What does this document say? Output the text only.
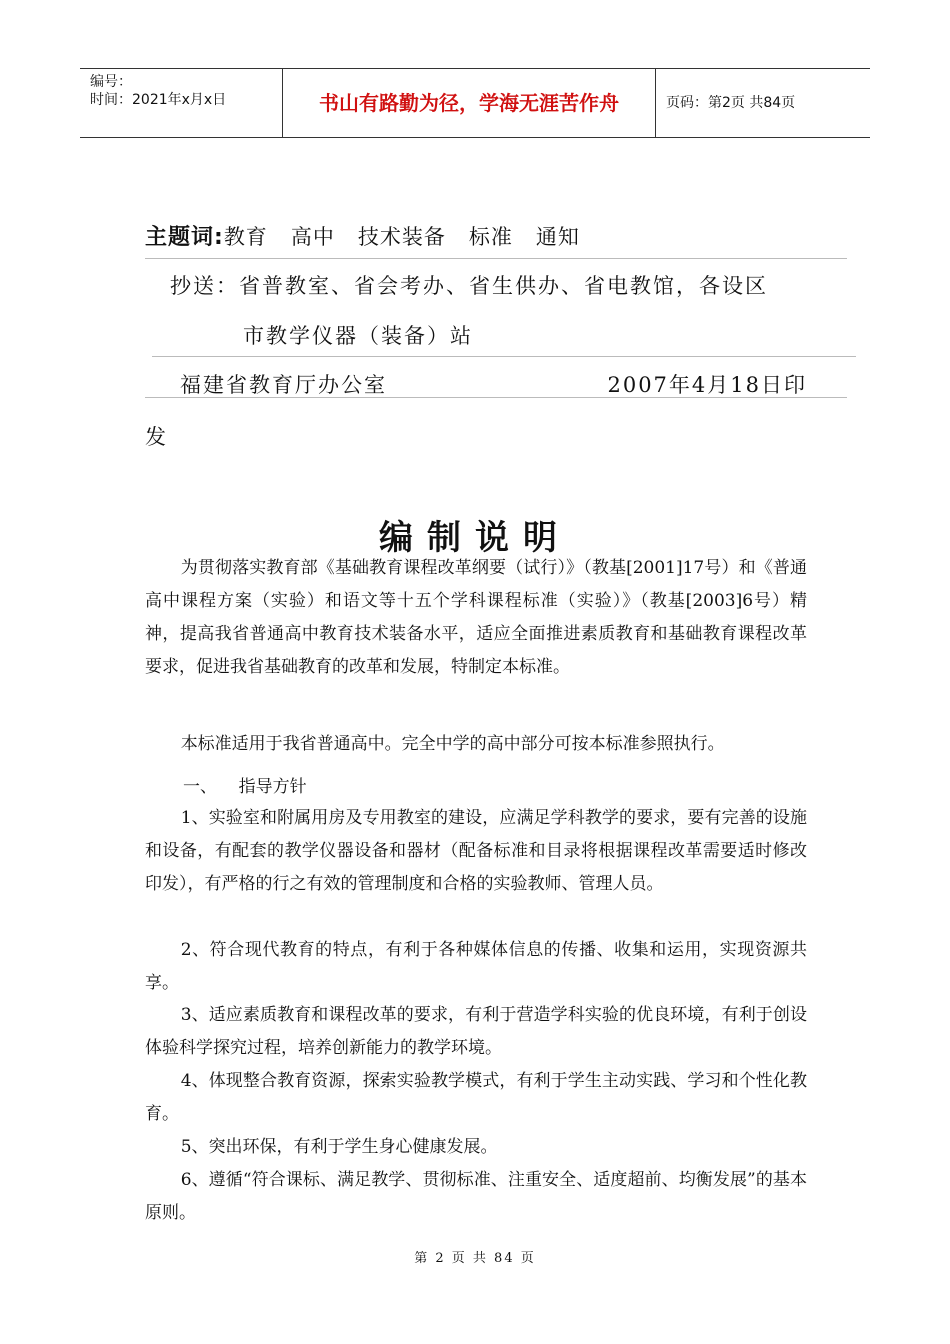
编号：
时间：2021年x月x日	书山有路勤为径，学海无涯苦作舟	页码：第2页 共84页
主题词:教育   高中   技术装备   标准   通知
抄送：省普教室、省会考办、省生供办、省电教馆，各设区
市教学仪器（装备）站
福建省教育厅办公室	2007年4月18日印
发
编制说明

为贯彻落实教育部《基础教育课程改革纲要（试行）》（教基[2001]17号）和《普通高中课程方案（实验）和语文等十五个学科课程标准（实验）》（教基[2003]6号）精神，提高我省普通高中教育技术装备水平，适应全面推进素质教育和基础教育课程改革要求，促进我省基础教育的改革和发展，特制定本标准。

本标准适用于我省普通高中。完全中学的高中部分可按本标准参照执行。

一、    指导方针

1、实验室和附属用房及专用教室的建设，应满足学科教学的要求，要有完善的设施和设备，有配套的教学仪器设备和器材（配备标准和目录将根据课程改革需要适时修改印发），有严格的行之有效的管理制度和合格的实验教师、管理人员。

2、符合现代教育的特点，有利于各种媒体信息的传播、收集和运用，实现资源共享。

3、适应素质教育和课程改革的要求，有利于营造学科实验的优良环境，有利于创设体验科学探究过程，培养创新能力的教学环境。

4、体现整合教育资源，探索实验教学模式，有利于学生主动实践、学习和个性化教育。

5、突出环保，有利于学生身心健康发展。

6、遵循“符合课标、满足教学、贯彻标准、注重安全、适度超前、均衡发展”的基本原则。

第 2 页 共 84 页
